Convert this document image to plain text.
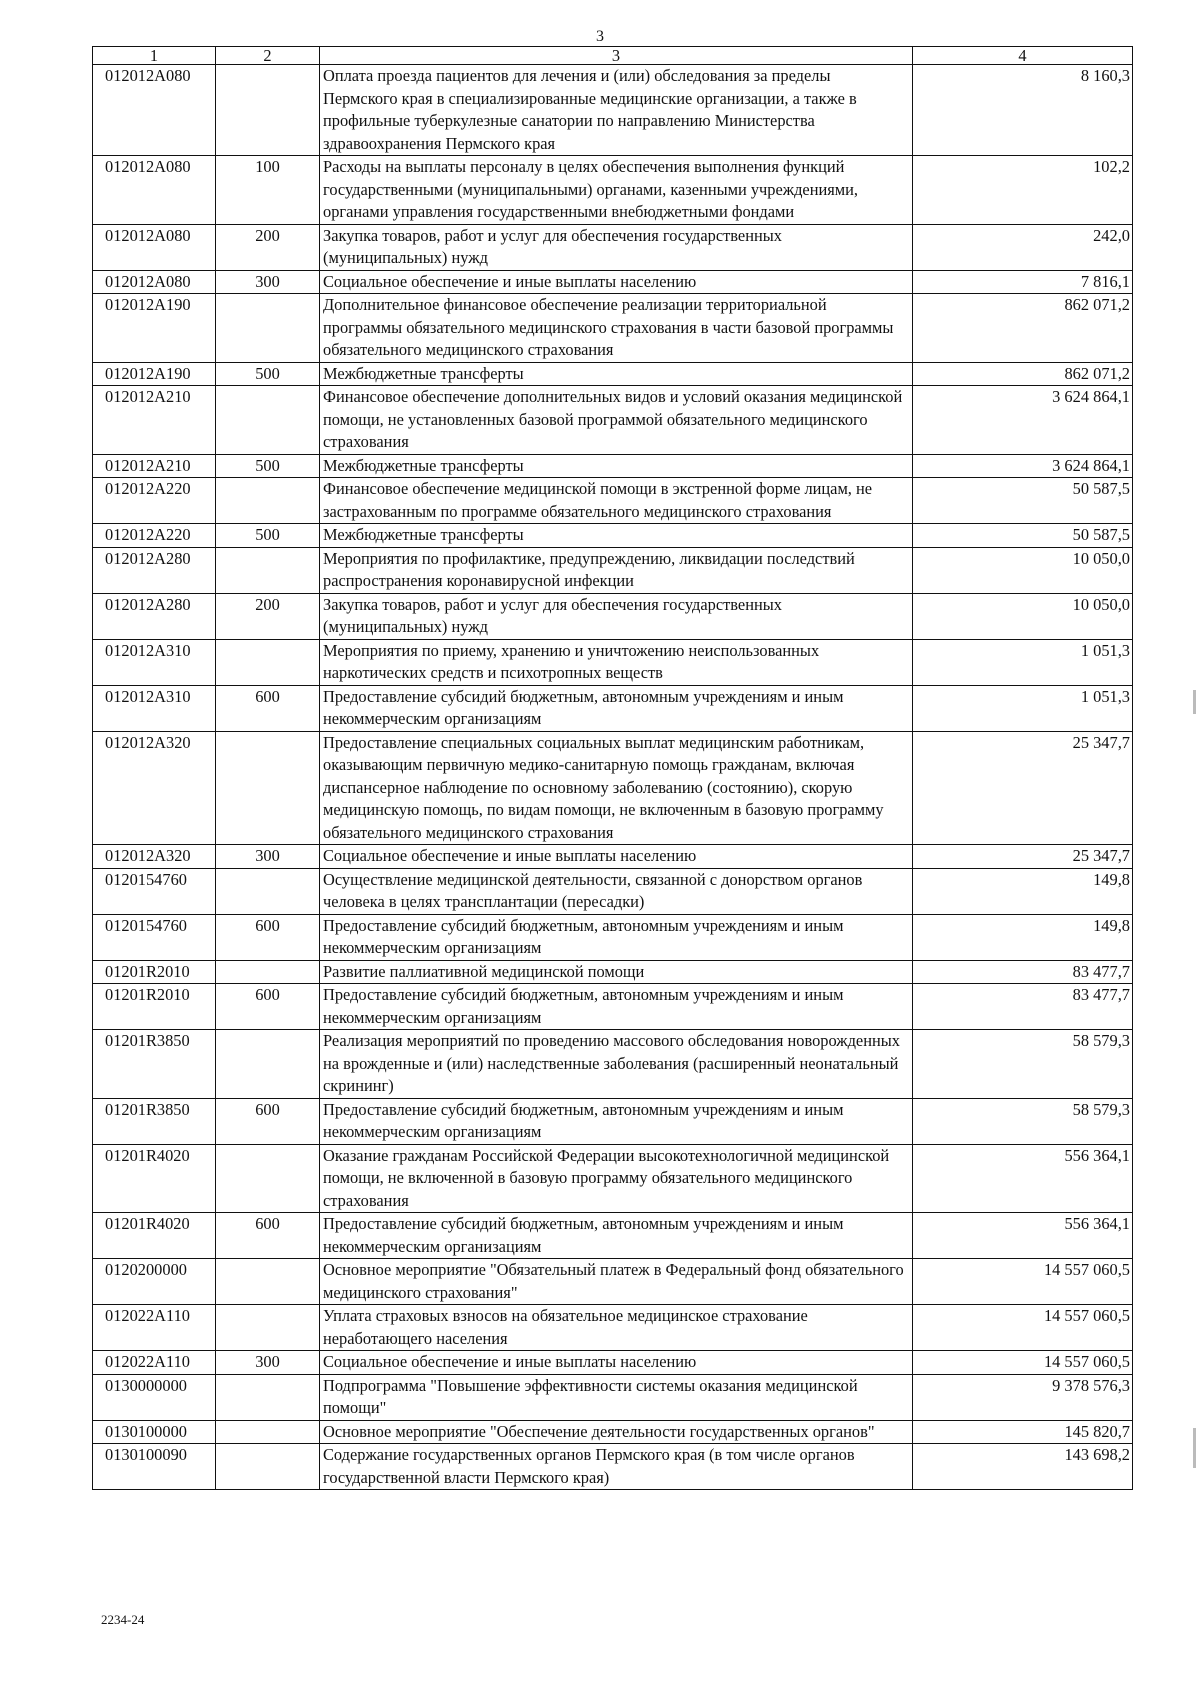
3
1	2	3	4
012012А080		Оплата проезда пациентов для лечения и (или) обследования за пределы Пермского края в специализированные медицинские организации, а также в профильные туберкулезные санатории по направлению Министерства здравоохранения Пермского края	8 160,3
012012А080	100	Расходы на выплаты персоналу в целях обеспечения выполнения функций государственными (муниципальными) органами, казенными учреждениями, органами управления государственными внебюджетными фондами	102,2
012012А080	200	Закупка товаров, работ и услуг для обеспечения государственных (муниципальных) нужд	242,0
012012А080	300	Социальное обеспечение и иные выплаты населению	7 816,1
012012А190		Дополнительное финансовое обеспечение реализации территориальной программы обязательного медицинского страхования в части базовой программы обязательного медицинского страхования	862 071,2
012012А190	500	Межбюджетные трансферты	862 071,2
012012А210		Финансовое обеспечение дополнительных видов и условий оказания медицинской помощи, не установленных базовой программой обязательного медицинского страхования	3 624 864,1
012012А210	500	Межбюджетные трансферты	3 624 864,1
012012А220		Финансовое обеспечение медицинской помощи в экстренной форме лицам, не застрахованным по программе обязательного медицинского страхования	50 587,5
012012А220	500	Межбюджетные трансферты	50 587,5
012012А280		Мероприятия по профилактике, предупреждению, ликвидации последствий распространения коронавирусной инфекции	10 050,0
012012А280	200	Закупка товаров, работ и услуг для обеспечения государственных (муниципальных) нужд	10 050,0
012012А310		Мероприятия по приему, хранению и уничтожению неиспользованных наркотических средств и психотропных веществ	1 051,3
012012А310	600	Предоставление субсидий бюджетным, автономным учреждениям и иным некоммерческим организациям	1 051,3
012012А320		Предоставление специальных социальных выплат медицинским работникам, оказывающим первичную медико-санитарную помощь гражданам, включая диспансерное наблюдение по основному заболеванию (состоянию), скорую медицинскую помощь, по видам помощи, не включенным в базовую программу обязательного медицинского страхования	25 347,7
012012А320	300	Социальное обеспечение и иные выплаты населению	25 347,7
0120154760		Осуществление медицинской деятельности, связанной с донорством органов человека в целях трансплантации (пересадки)	149,8
0120154760	600	Предоставление субсидий бюджетным, автономным учреждениям и иным некоммерческим организациям	149,8
01201R2010		Развитие паллиативной медицинской помощи	83 477,7
01201R2010	600	Предоставление субсидий бюджетным, автономным учреждениям и иным некоммерческим организациям	83 477,7
01201R3850		Реализация мероприятий по проведению массового обследования новорожденных на врожденные и (или) наследственные заболевания (расширенный неонатальный скрининг)	58 579,3
01201R3850	600	Предоставление субсидий бюджетным, автономным учреждениям и иным некоммерческим организациям	58 579,3
01201R4020		Оказание гражданам Российской Федерации высокотехнологичной медицинской помощи, не включенной в базовую программу обязательного медицинского страхования	556 364,1
01201R4020	600	Предоставление субсидий бюджетным, автономным учреждениям и иным некоммерческим организациям	556 364,1
0120200000		Основное мероприятие "Обязательный платеж в Федеральный фонд обязательного медицинского страхования"	14 557 060,5
012022А110		Уплата страховых взносов на обязательное медицинское страхование неработающего населения	14 557 060,5
012022А110	300	Социальное обеспечение и иные выплаты населению	14 557 060,5
0130000000		Подпрограмма "Повышение эффективности системы оказания медицинской помощи"	9 378 576,3
0130100000		Основное мероприятие "Обеспечение деятельности государственных органов"	145 820,7
0130100090		Содержание государственных органов Пермского края (в том числе органов государственной власти Пермского края)	143 698,2
2234-24
